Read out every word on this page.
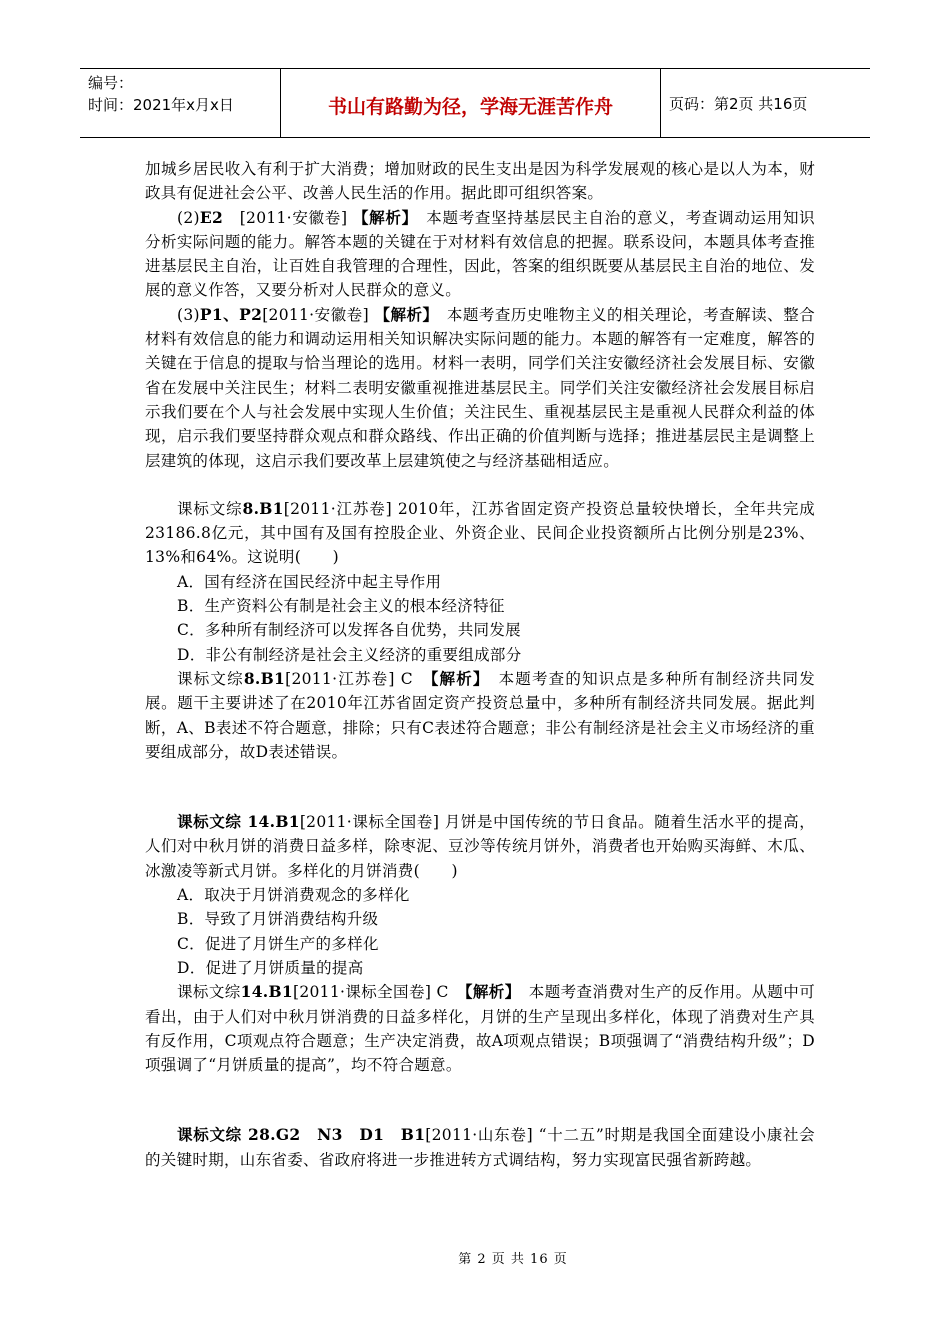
编号：
时间：2021年x月x日	书山有路勤为径，学海无涯苦作舟	页码：第2页 共16页

加城乡居民收入有利于扩大消费；增加财政的民生支出是因为科学发展观的核心是以人为本，财政具有促进社会公平、改善人民生活的作用。据此即可组织答案。

(2)E2　[2011·安徽卷] 【解析】　本题考查坚持基层民主自治的意义，考查调动运用知识分析实际问题的能力。解答本题的关键在于对材料有效信息的把握。联系设问，本题具体考查推进基层民主自治，让百姓自我管理的合理性，因此，答案的组织既要从基层民主自治的地位、发展的意义作答，又要分析对人民群众的意义。

(3)P1、P2[2011·安徽卷] 【解析】　本题考查历史唯物主义的相关理论，考查解读、整合材料有效信息的能力和调动运用相关知识解决实际问题的能力。本题的解答有一定难度，解答的关键在于信息的提取与恰当理论的选用。材料一表明，同学们关注安徽经济社会发展目标、安徽省在发展中关注民生；材料二表明安徽重视推进基层民主。同学们关注安徽经济社会发展目标启示我们要在个人与社会发展中实现人生价值；关注民生、重视基层民主是重视人民群众利益的体现，启示我们要坚持群众观点和群众路线、作出正确的价值判断与选择；推进基层民主是调整上层建筑的体现，这启示我们要改革上层建筑使之与经济基础相适应。

课标文综8.B1[2011·江苏卷] 2010年，江苏省固定资产投资总量较快增长，全年共完成23186.8亿元，其中国有及国有控股企业、外资企业、民间企业投资额所占比例分别是23%、13%和64%。这说明(　　)

A．国有经济在国民经济中起主导作用

B．生产资料公有制是社会主义的根本经济特征

C．多种所有制经济可以发挥各自优势，共同发展

D．非公有制经济是社会主义经济的重要组成部分

课标文综8.B1[2011·江苏卷] C　【解析】　本题考查的知识点是多种所有制经济共同发展。题干主要讲述了在2010年江苏省固定资产投资总量中，多种所有制经济共同发展。据此判断，A、B表述不符合题意，排除；只有C表述符合题意；非公有制经济是社会主义市场经济的重要组成部分，故D表述错误。

课标文综 14.B1[2011·课标全国卷] 月饼是中国传统的节日食品。随着生活水平的提高，人们对中秋月饼的消费日益多样，除枣泥、豆沙等传统月饼外，消费者也开始购买海鲜、木瓜、冰激凌等新式月饼。多样化的月饼消费(　　)

A．取决于月饼消费观念的多样化

B．导致了月饼消费结构升级

C．促进了月饼生产的多样化

D．促进了月饼质量的提高

课标文综14.B1[2011·课标全国卷] C　【解析】　本题考查消费对生产的反作用。从题中可看出，由于人们对中秋月饼消费的日益多样化，月饼的生产呈现出多样化，体现了消费对生产具有反作用，C项观点符合题意；生产决定消费，故A项观点错误；B项强调了“消费结构升级”；D项强调了“月饼质量的提高”，均不符合题意。

课标文综 28.G2　N3　D1　B1[2011·山东卷] “十二五”时期是我国全面建设小康社会的关键时期，山东省委、省政府将进一步推进转方式调结构，努力实现富民强省新跨越。

第 2 页 共 16 页
